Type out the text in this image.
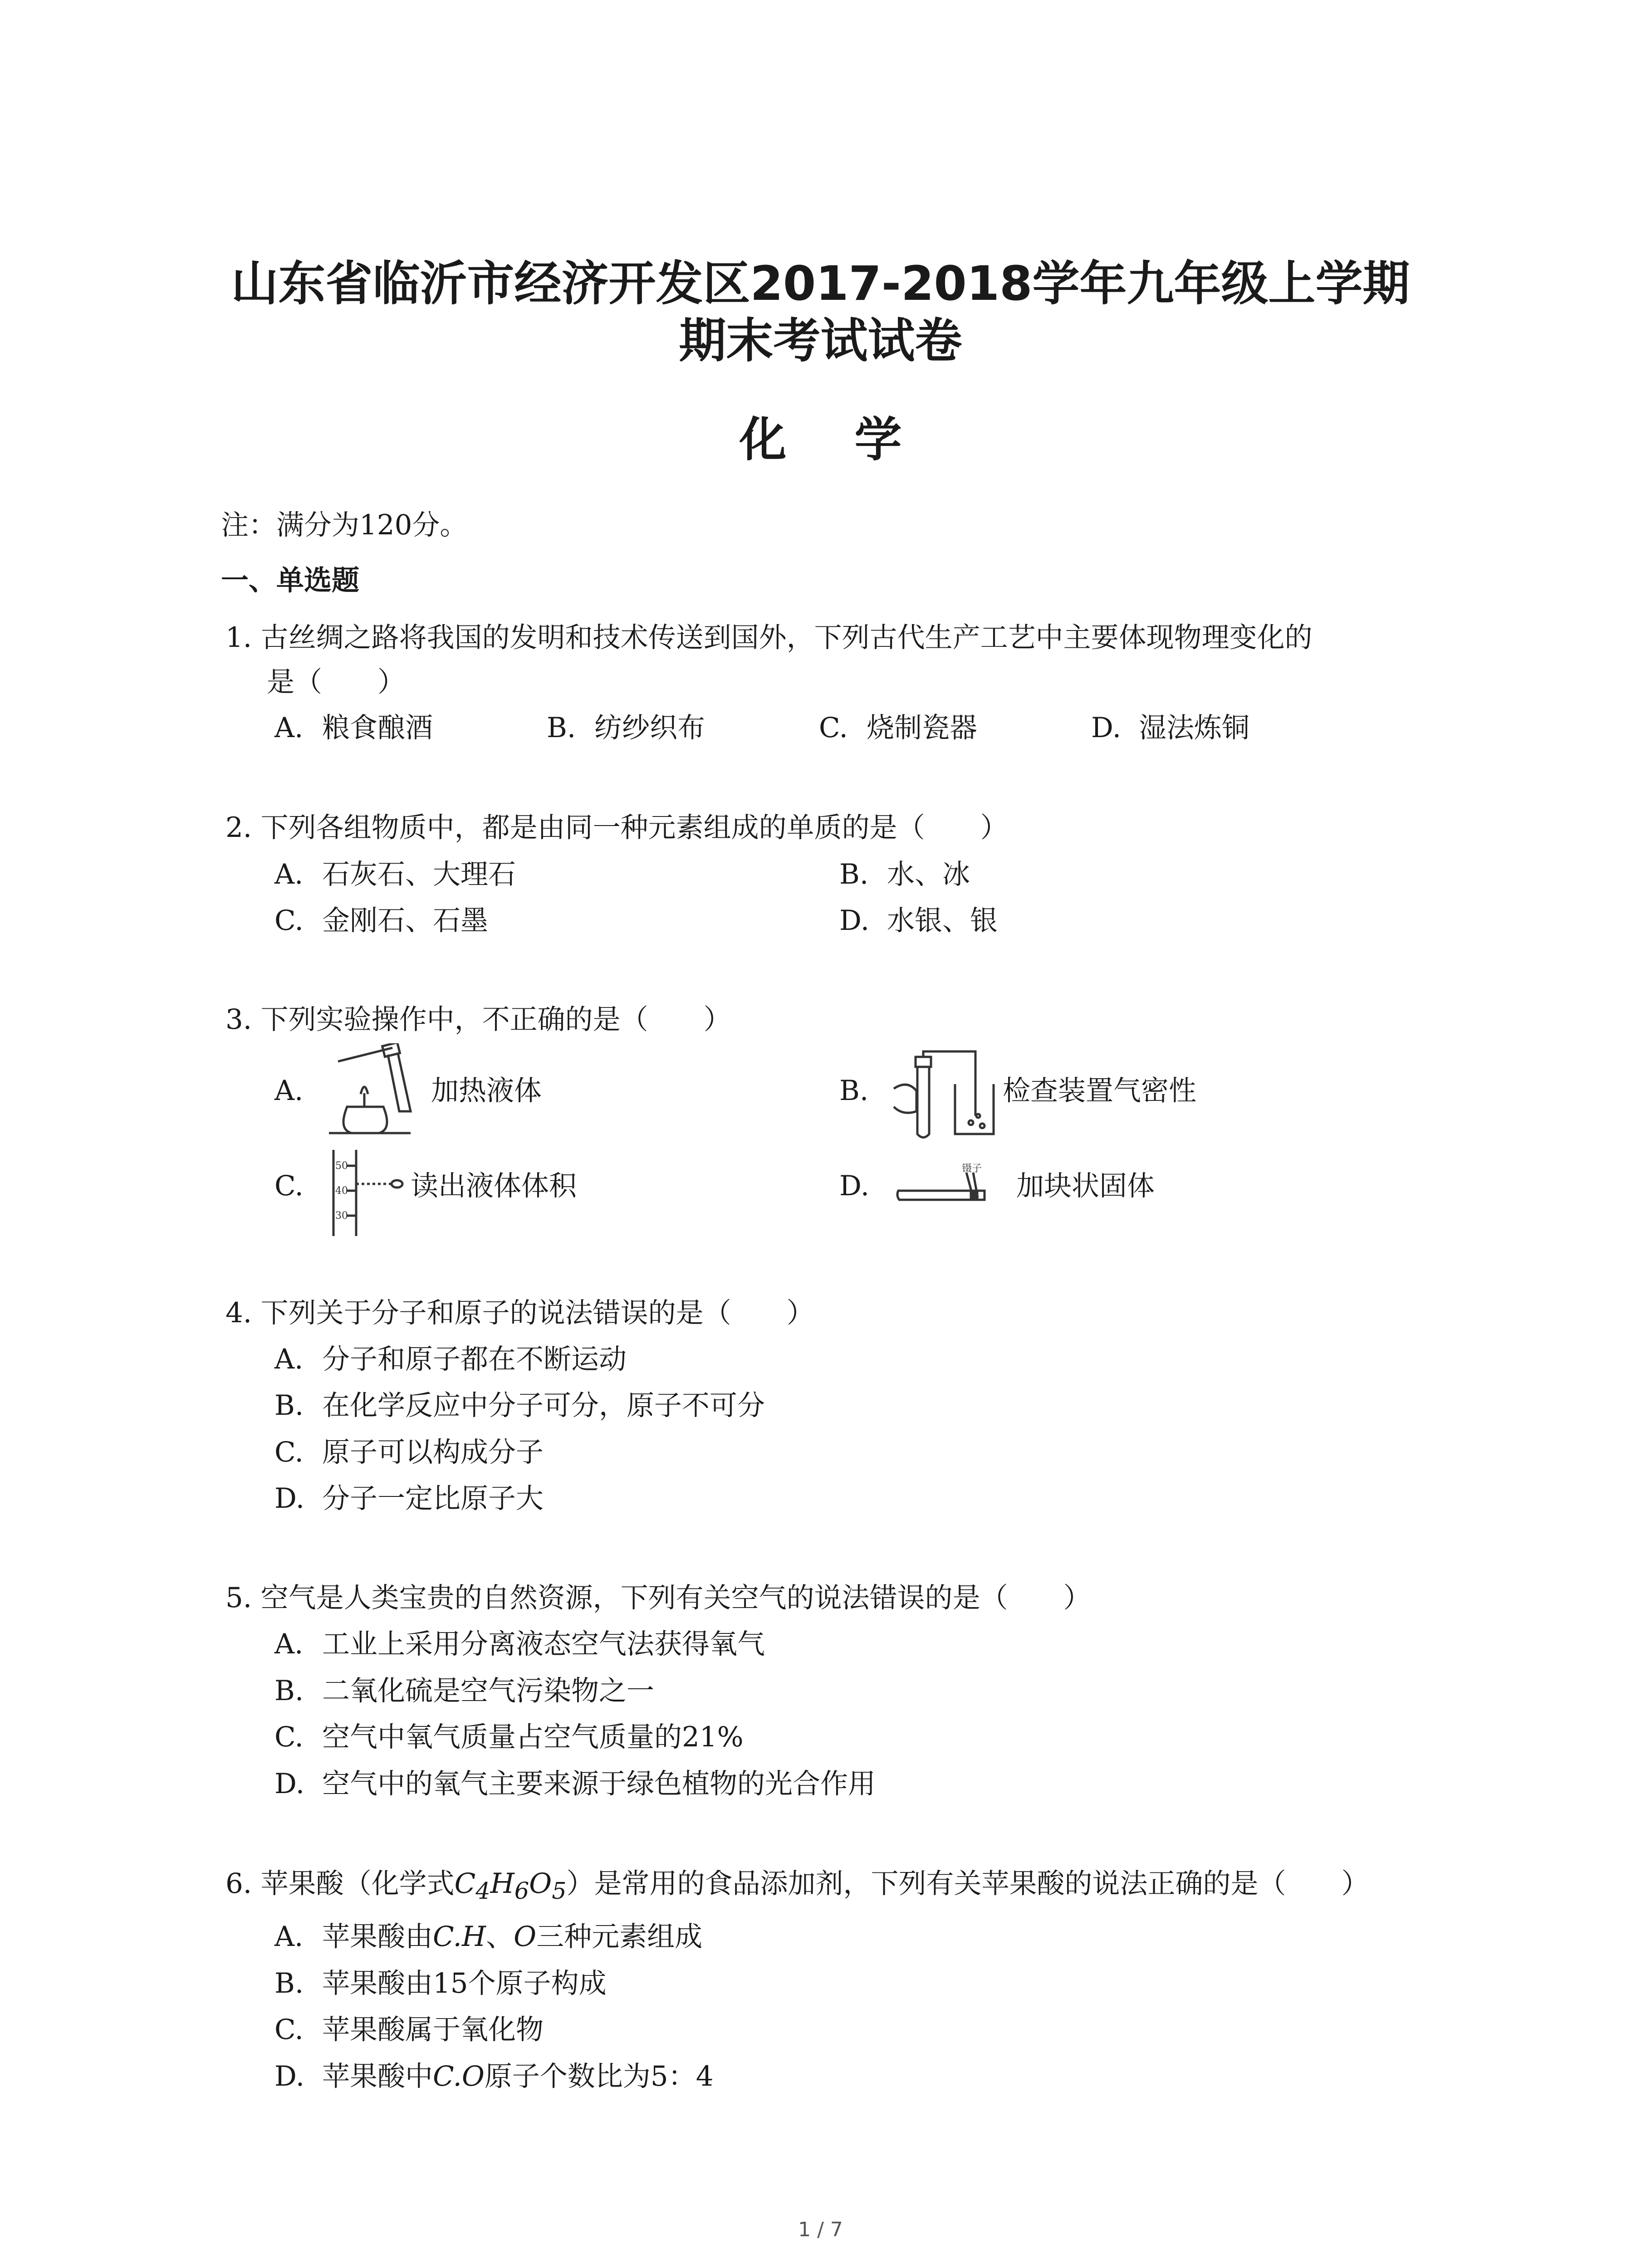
山东省临沂市经济开发区2017-2018学年九年级上学期
期末考试试卷
化学
注：满分为120分。
一、单选题
1. 古丝绸之路将我国的发明和技术传送到国外，下列古代生产工艺中主要体现物理变化的
是（　　）
A. 粮食酿酒	B. 纺纱织布	C. 烧制瓷器	D. 湿法炼铜
2. 下列各组物质中，都是由同一种元素组成的单质的是（　　）
A. 石灰石、大理石	B. 水、冰
C. 金刚石、石墨	D. 水银、银
3. 下列实验操作中，不正确的是（　　）
A.	加热液体	B.	检查装置气密性
C.
50
40
30
读出液体体积	D.
镊子
加块状固体
4. 下列关于分子和原子的说法错误的是（　　）
A. 分子和原子都在不断运动
B. 在化学反应中分子可分，原子不可分
C. 原子可以构成分子
D. 分子一定比原子大
5. 空气是人类宝贵的自然资源，下列有关空气的说法错误的是（　　）
A. 工业上采用分离液态空气法获得氧气
B. 二氧化硫是空气污染物之一
C. 空气中氧气质量占空气质量的21%
D. 空气中的氧气主要来源于绿色植物的光合作用
6. 苹果酸（化学式$C_4H_6O_5$）是常用的食品添加剂，下列有关苹果酸的说法正确的是（　　）
A. 苹果酸由C.H、O三种元素组成
B. 苹果酸由15个原子构成
C. 苹果酸属于氧化物
D. 苹果酸中C.O原子个数比为5：4
1 / 7
